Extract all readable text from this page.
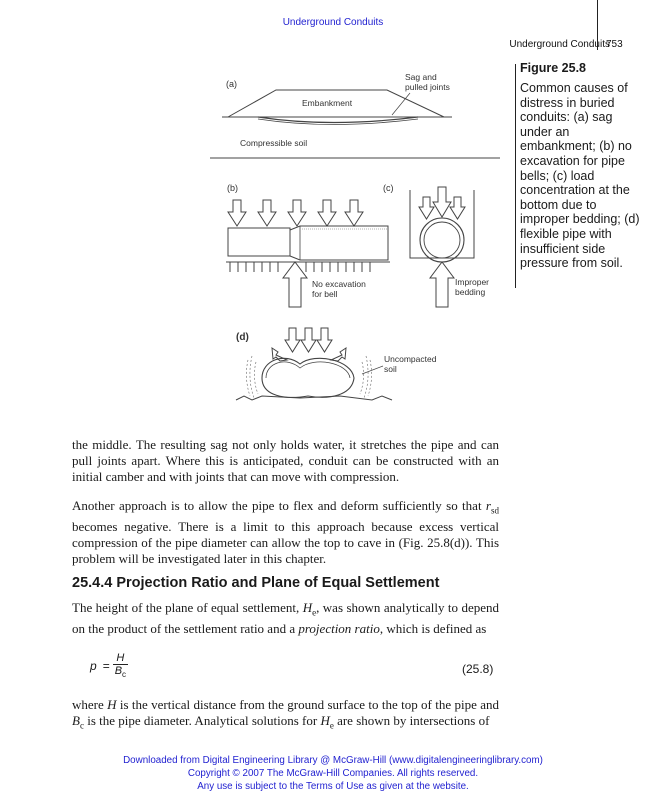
Underground Conduits
Underground Conduits
753
Figure 25.8
Common causes of distress in buried conduits: (a) sag under an embankment; (b) no excavation for pipe bells; (c) load concentration at the bottom due to improper bedding; (d) flexible pipe with insufficient side pressure from soil.
(a)
Embankment
Sag and
pulled joints
Compressible soil
(b)
No excavation
for bell
(c)
Improper
bedding
(d)
Uncompacted
soil
the middle. The resulting sag not only holds water, it stretches the pipe and can pull joints apart. Where this is anticipated, conduit can be constructed with an initial camber and with joints that can move with compression.
Another approach is to allow the pipe to flex and deform sufficiently so that $r_{sd}$ becomes negative. There is a limit to this approach because excess vertical compression of the pipe diameter can allow the top to cave in (Fig. 25.8(d)). This problem will be investigated later in this chapter.
25.4.4 Projection Ratio and Plane of Equal Settlement
The height of the plane of equal settlement, $H_e$, was shown analytically to depend on the product of the settlement ratio and a projection ratio, which is defined as
p	=	H
$B_c$	(25.8)
where H is the vertical distance from the ground surface to the top of the pipe and $B_c$ is the pipe diameter. Analytical solutions for $H_e$ are shown by intersections of
Downloaded from Digital Engineering Library @ McGraw-Hill (www.digitalengineeringlibrary.com)
Copyright © 2007 The McGraw-Hill Companies. All rights reserved.
Any use is subject to the Terms of Use as given at the website.
